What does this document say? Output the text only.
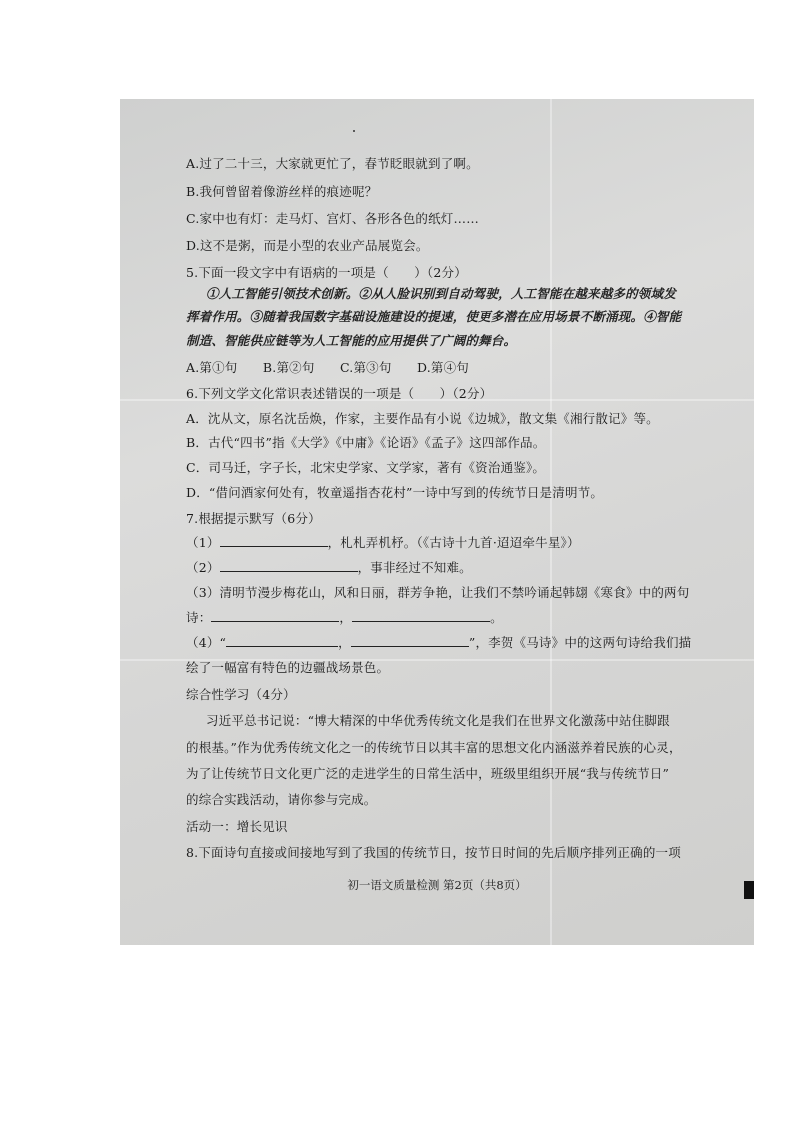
A.过了二十三，大家就更忙了，春节眨眼就到了啊。
B.我何曾留着像游丝样的痕迹呢？
C.家中也有灯：走马灯、宫灯、各形各色的纸灯……
D.这不是粥，而是小型的农业产品展览会。
5.下面一段文字中有语病的一项是（　　）（2分）
①人工智能引领技术创新。②从人脸识别到自动驾驶，人工智能在越来越多的领域发
挥着作用。③随着我国数字基础设施建设的提速，使更多潜在应用场景不断涌现。④智能
制造、智能供应链等为人工智能的应用提供了广阔的舞台。
A.第①句　　B.第②句　　C.第③句　　D.第④句
6.下列文学文化常识表述错误的一项是（　　）（2分）
A．沈从文，原名沈岳焕，作家，主要作品有小说《边城》，散文集《湘行散记》等。
B．古代“四书”指《大学》《中庸》《论语》《孟子》这四部作品。
C．司马迁，字子长，北宋史学家、文学家，著有《资治通鉴》。
D．“借问酒家何处有，牧童遥指杏花村”一诗中写到的传统节日是清明节。
7.根据提示默写（6分）
（1）	，札札弄机杼。（《古诗十九首·迢迢牵牛星》）
（2）	，事非经过不知难。
（3）清明节漫步梅花山，风和日丽，群芳争艳，让我们不禁吟诵起韩翃《寒食》中的两句
诗：	，	。
（4）“	，	”，李贺《马诗》中的这两句诗给我们描
绘了一幅富有特色的边疆战场景色。
综合性学习（4分）
习近平总书记说：“博大精深的中华优秀传统文化是我们在世界文化激荡中站住脚跟
的根基。”作为优秀传统文化之一的传统节日以其丰富的思想文化内涵滋养着民族的心灵，
为了让传统节日文化更广泛的走进学生的日常生活中，班级里组织开展“我与传统节日”
的综合实践活动，请你参与完成。
活动一：增长见识
8.下面诗句直接或间接地写到了我国的传统节日，按节日时间的先后顺序排列正确的一项
初一语文质量检测 第2页（共8页）
